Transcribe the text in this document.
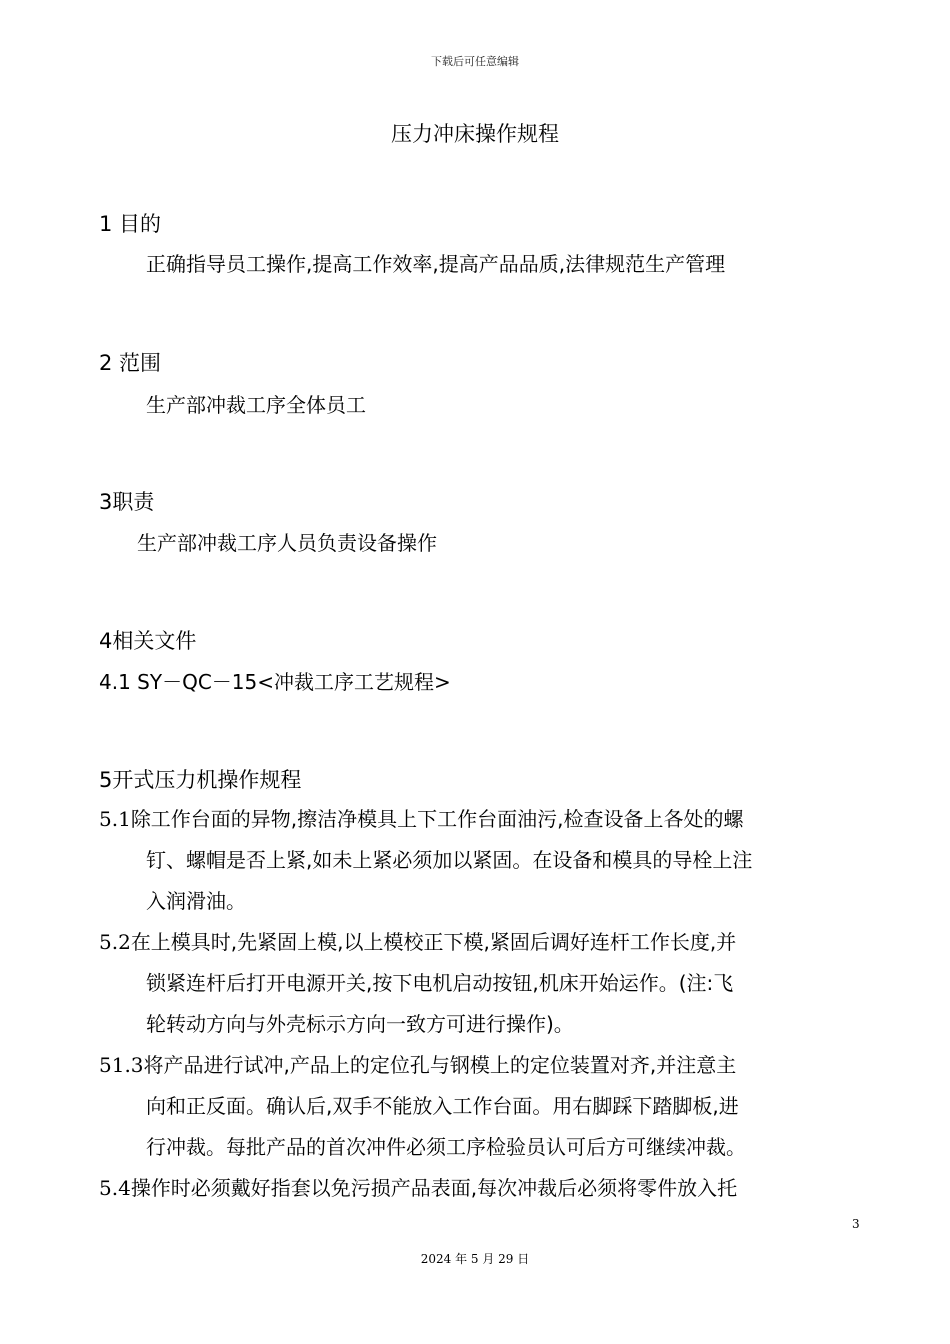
下载后可任意编辑
压力冲床操作规程
1 目的
正确指导员工操作,提高工作效率,提高产品品质,法律规范生产管理
2 范围
生产部冲裁工序全体员工
3职责
生产部冲裁工序人员负责设备操作
4相关文件
4.1 SY－QC－15<冲裁工序工艺规程>
5开式压力机操作规程
5.1除工作台面的异物,擦洁净模具上下工作台面油污,检查设备上各处的螺
钉、螺帽是否上紧,如未上紧必须加以紧固。在设备和模具的导栓上注
入润滑油。
5.2在上模具时,先紧固上模,以上模校正下模,紧固后调好连杆工作长度,并
锁紧连杆后打开电源开关,按下电机启动按钮,机床开始运作。(注:飞
轮转动方向与外壳标示方向一致方可进行操作)。
51.3将产品进行试冲,产品上的定位孔与钢模上的定位装置对齐,并注意主
向和正反面。确认后,双手不能放入工作台面。用右脚踩下踏脚板,进
行冲裁。每批产品的首次冲件必须工序检验员认可后方可继续冲裁。
5.4操作时必须戴好指套以免污损产品表面,每次冲裁后必须将零件放入托
3
2024 年 5 月 29 日
